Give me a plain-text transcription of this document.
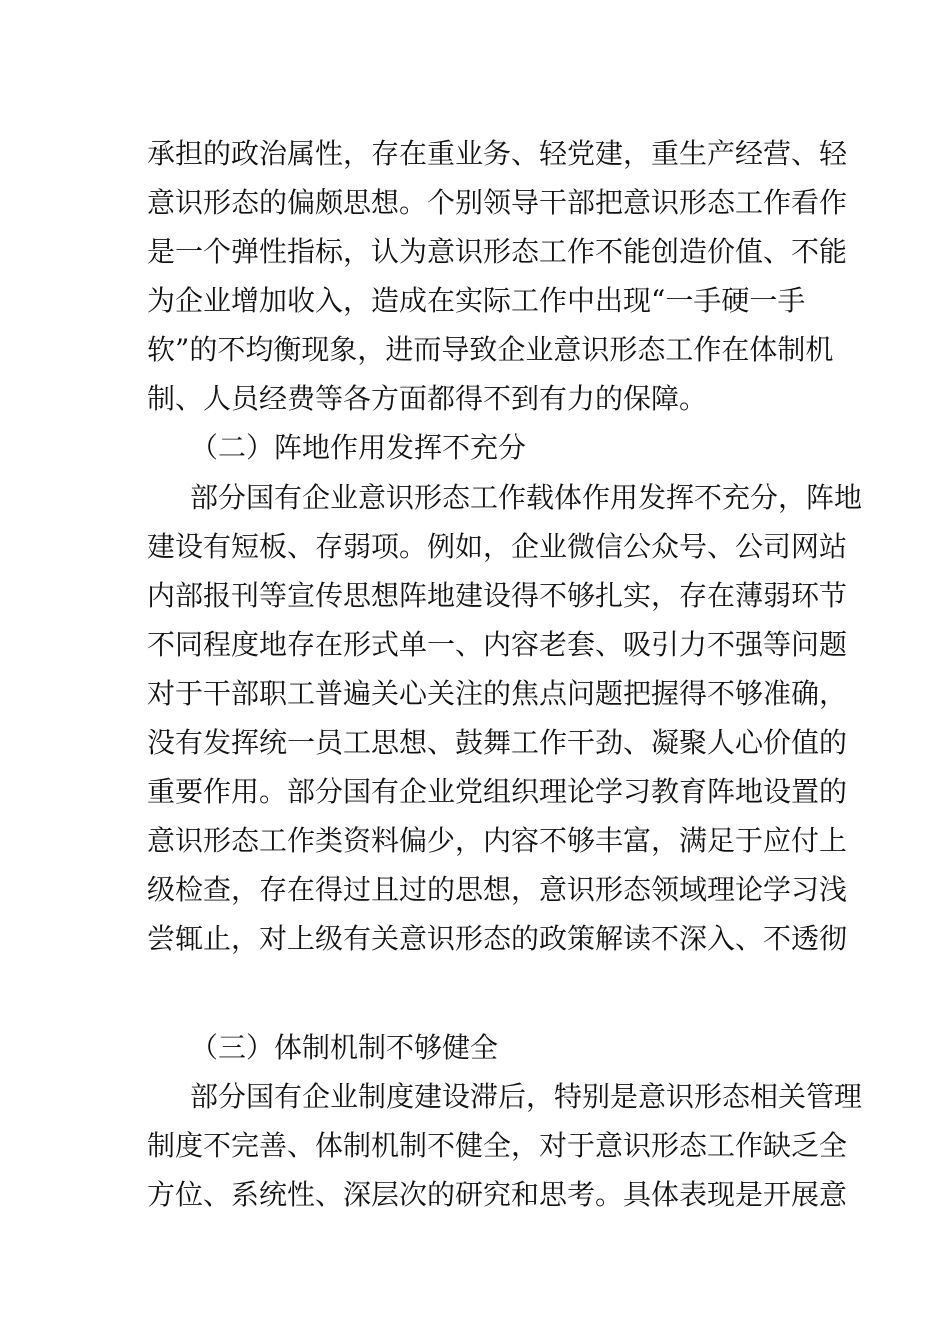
承担的政治属性，存在重业务、轻党建，重生产经营、轻
意识形态的偏颇思想。个别领导干部把意识形态工作看作
是一个弹性指标，认为意识形态工作不能创造价值、不能
为企业增加收入，造成在实际工作中出现“一手硬一手
软”的不均衡现象，进而导致企业意识形态工作在体制机
制、人员经费等各方面都得不到有力的保障。
（二）阵地作用发挥不充分
部分国有企业意识形态工作载体作用发挥不充分，阵地
建设有短板、存弱项。例如，企业微信公众号、公司网站
内部报刊等宣传思想阵地建设得不够扎实，存在薄弱环节
不同程度地存在形式单一、内容老套、吸引力不强等问题
对于干部职工普遍关心关注的焦点问题把握得不够准确，
没有发挥统一员工思想、鼓舞工作干劲、凝聚人心价值的
重要作用。部分国有企业党组织理论学习教育阵地设置的
意识形态工作类资料偏少，内容不够丰富，满足于应付上
级检查，存在得过且过的思想，意识形态领域理论学习浅
尝辄止，对上级有关意识形态的政策解读不深入、不透彻
（三）体制机制不够健全
部分国有企业制度建设滞后，特别是意识形态相关管理
制度不完善、体制机制不健全，对于意识形态工作缺乏全
方位、系统性、深层次的研究和思考。具体表现是开展意
